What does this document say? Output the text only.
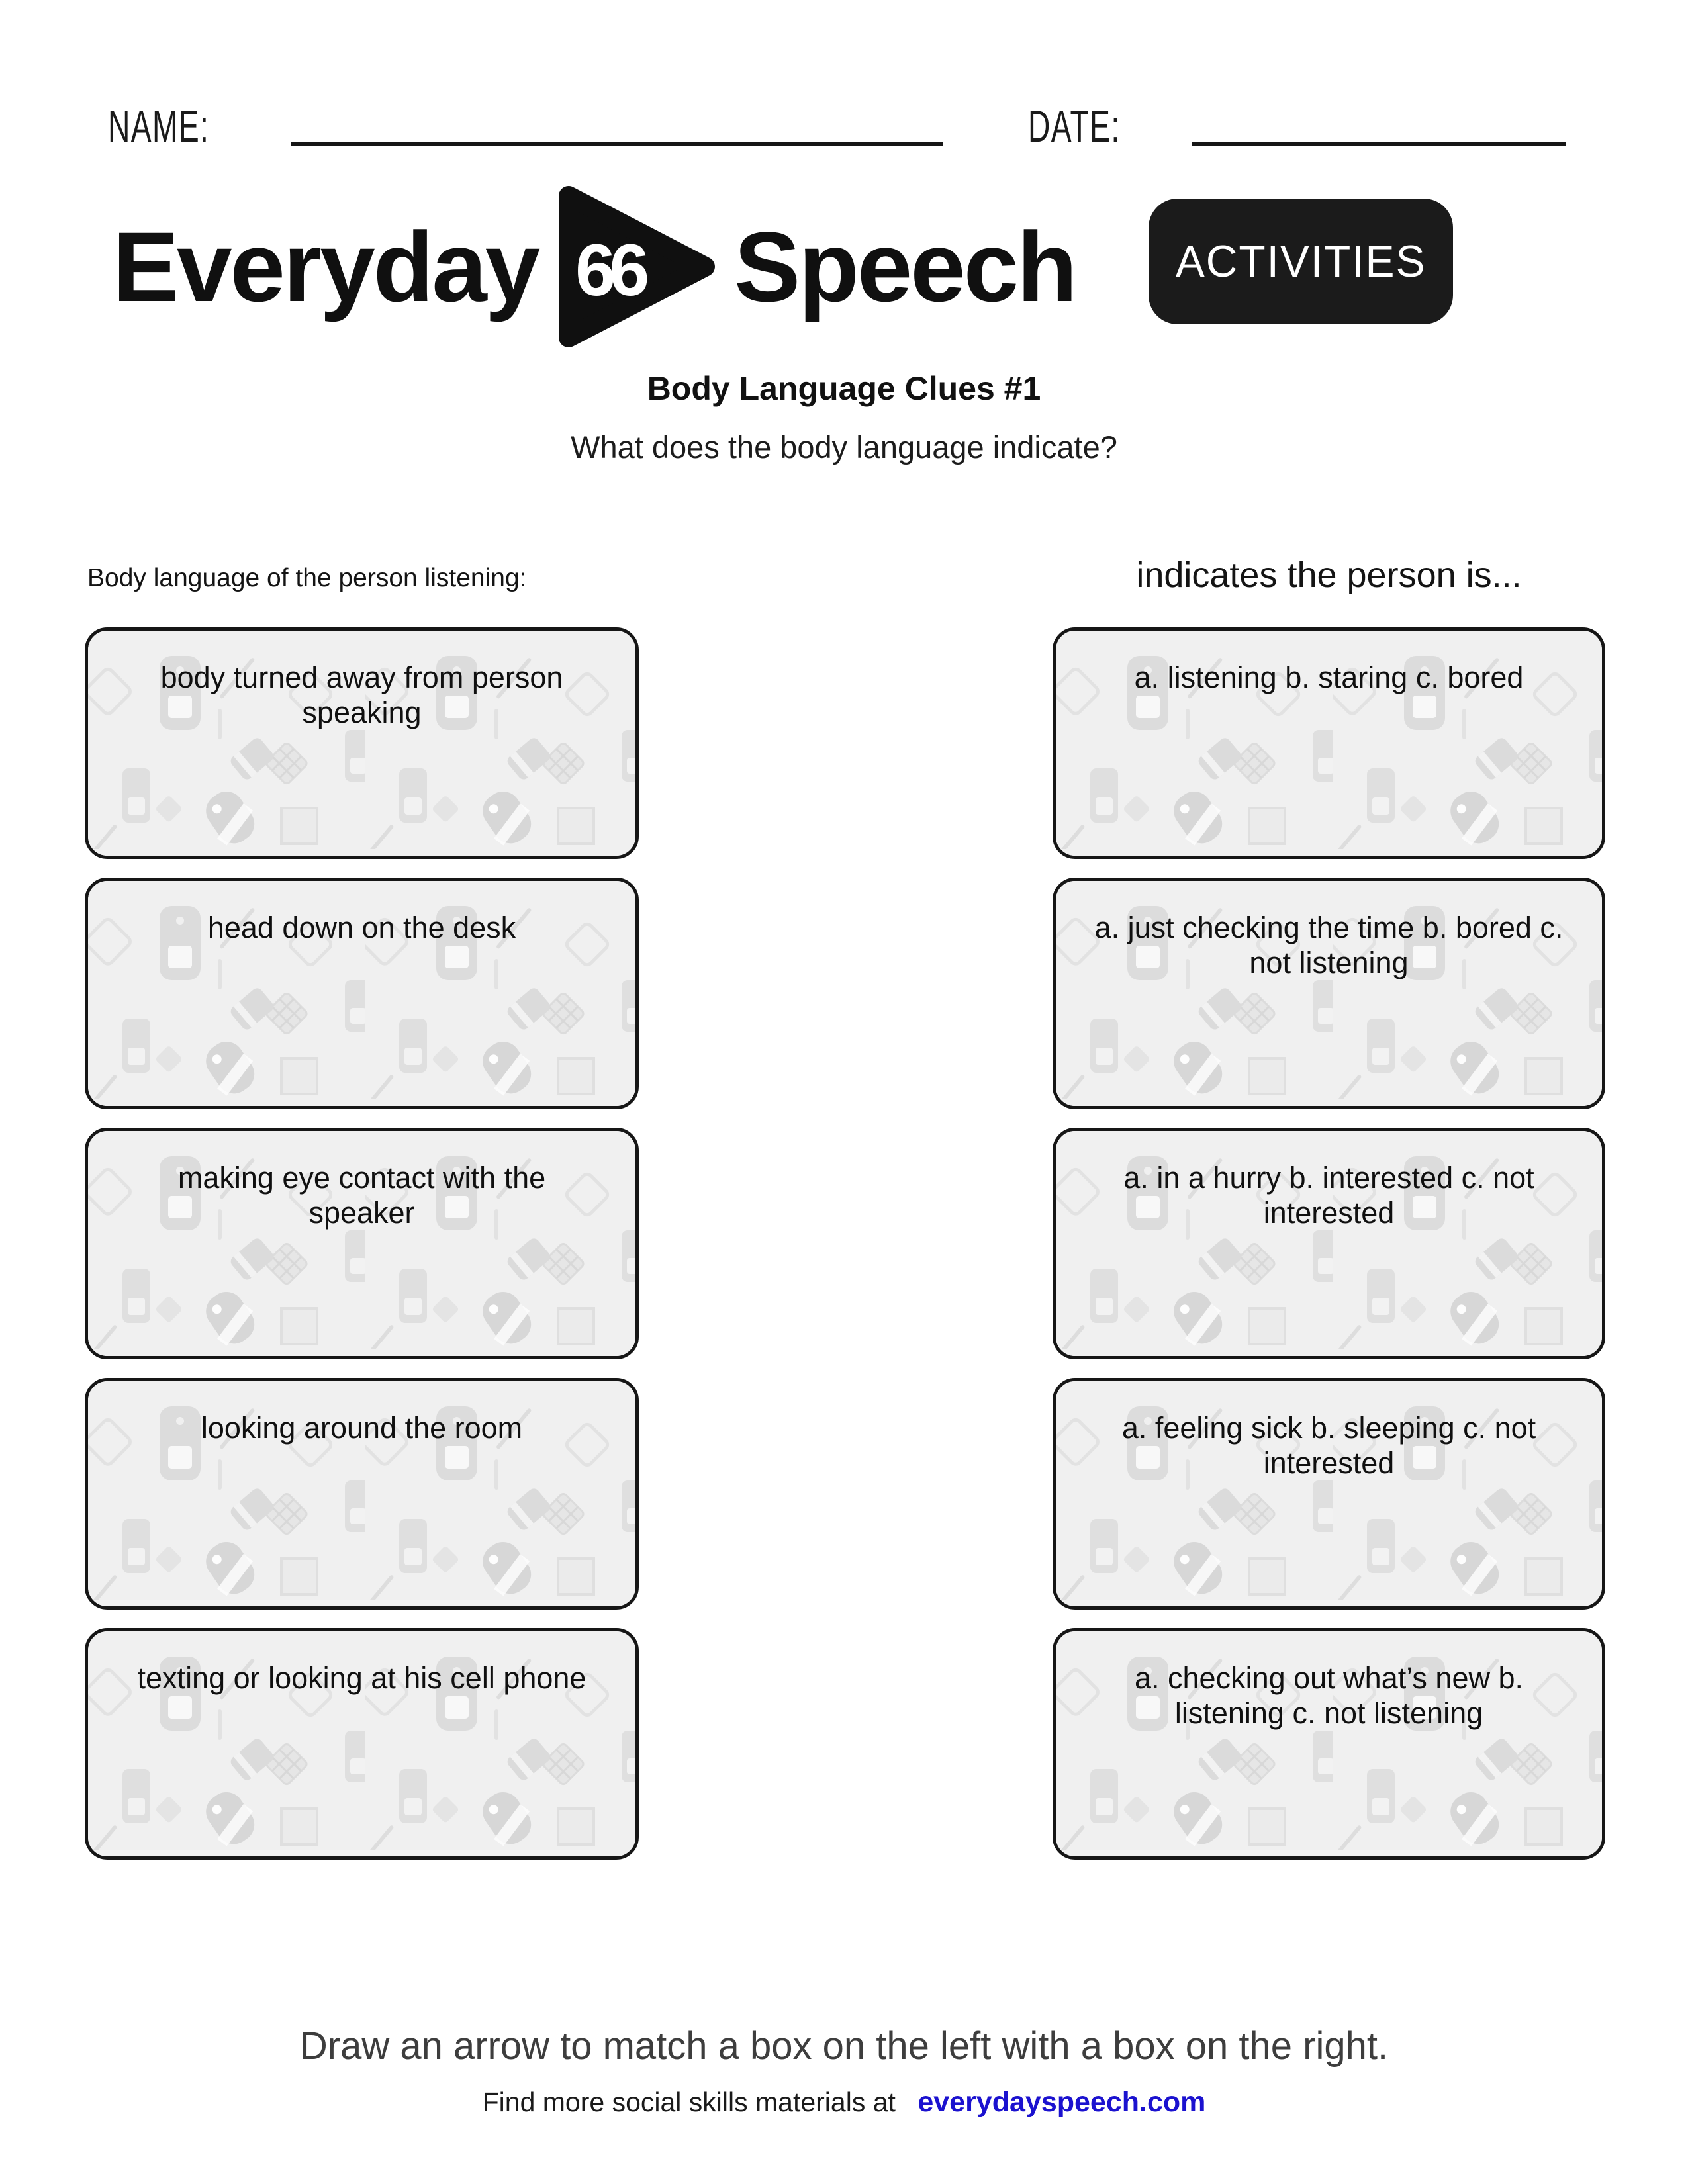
NAME:	DATE:
Everyday 66 Speech ACTIVITIES
Body Language Clues #1
What does the body language indicate?
Body language of the person listening:	indicates the person is...
body turned away from person speaking
head down on the desk
making eye contact with the speaker
looking around the room
texting or looking at his cell phone
a. listening b. staring c. bored
a. just checking the time b. bored c. not listening
a. in a hurry b. interested c. not interested
a. feeling sick b. sleeping c. not interested
a. checking out what’s new b. listening c. not listening
Draw an arrow to match a box on the left with a box on the right.
Find more social skills materials at everydayspeech.com
